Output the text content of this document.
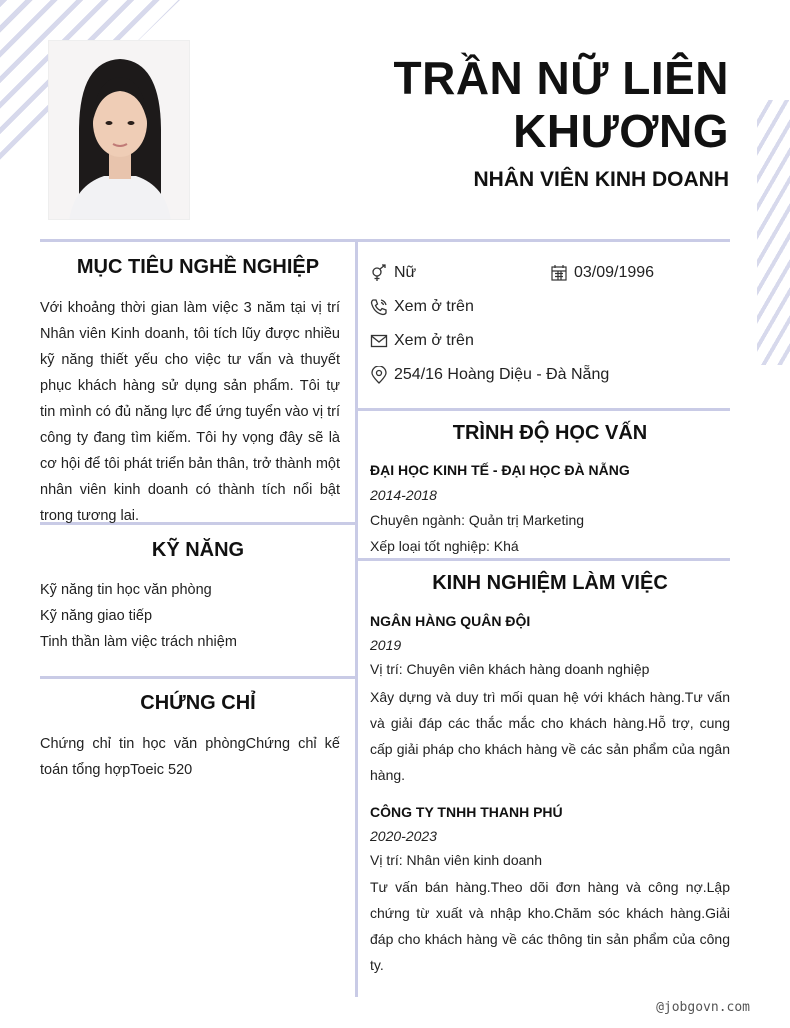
TRẦN NỮ LIÊN
KHƯƠNG
NHÂN VIÊN KINH DOANH
MỤC TIÊU NGHỀ NGHIỆP
Với khoảng thời gian làm việc 3 năm tại vị trí Nhân viên Kinh doanh, tôi tích lũy được nhiều kỹ năng thiết yếu cho việc tư vấn và thuyết phục khách hàng sử dụng sản phẩm. Tôi tự tin mình có đủ năng lực để ứng tuyển vào vị trí công ty đang tìm kiếm. Tôi hy vọng đây sẽ là cơ hội để tôi phát triển bản thân, trở thành một nhân viên kinh doanh có thành tích nổi bật trong tương lai.
KỸ NĂNG
Kỹ năng tin học văn phòng
Kỹ năng giao tiếp
Tinh thần làm việc trách nhiệm
CHỨNG CHỈ
Chứng chỉ tin học văn phòngChứng chỉ kế toán tổng hợpToeic 520
Nữ	03/09/1996
Xem ở trên
Xem ở trên
254/16 Hoàng Diệu - Đà Nẵng
TRÌNH ĐỘ HỌC VẤN
ĐẠI HỌC KINH TẾ - ĐẠI HỌC ĐÀ NẴNG
2014-2018
Chuyên ngành: Quản trị Marketing
Xếp loại tốt nghiệp: Khá
KINH NGHIỆM LÀM VIỆC
NGÂN HÀNG QUÂN ĐỘI
2019
Vị trí: Chuyên viên khách hàng doanh nghiệp
Xây dựng và duy trì mối quan hệ với khách hàng.Tư vấn và giải đáp các thắc mắc cho khách hàng.Hỗ trợ, cung cấp giải pháp cho khách hàng về các sản phẩm của ngân hàng.
CÔNG TY TNHH THANH PHÚ
2020-2023
Vị trí: Nhân viên kinh doanh
Tư vấn bán hàng.Theo dõi đơn hàng và công nợ.Lập chứng từ xuất và nhập kho.Chăm sóc khách hàng.Giải đáp cho khách hàng về các thông tin sản phẩm của công ty.
@jobgovn.com
